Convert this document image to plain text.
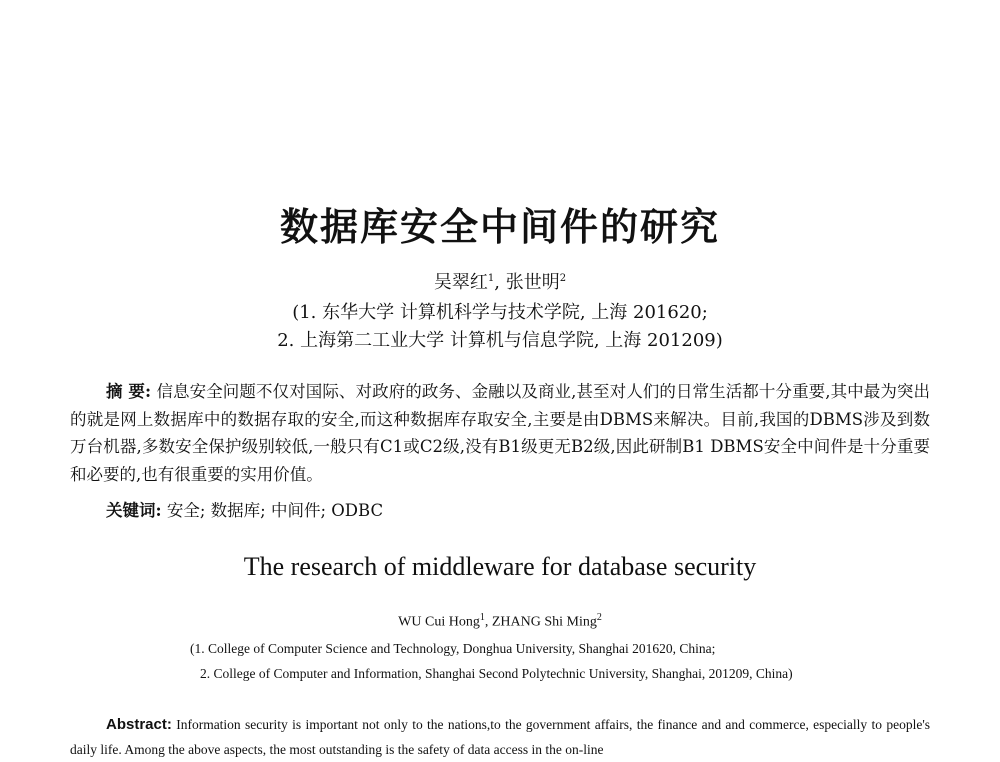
数据库安全中间件的研究
吴翠红$^1$, 张世明$^2$
(1. 东华大学 计算机科学与技术学院, 上海 201620;
2. 上海第二工业大学 计算机与信息学院, 上海 201209)
摘 要: 信息安全问题不仅对国际、对政府的政务、金融以及商业,甚至对人们的日常生活都十分重要,其中最为突出的就是网上数据库中的数据存取的安全,而这种数据库存取安全,主要是由DBMS来解决。目前,我国的DBMS涉及到数万台机器,多数安全保护级别较低,一般只有C1或C2级,没有B1级更无B2级,因此研制B1 DBMS安全中间件是十分重要和必要的,也有很重要的实用价值。
关键词: 安全; 数据库; 中间件; ODBC
The research of middleware for database security
WU Cui Hong$^1$, ZHANG Shi Ming$^2$
(1. College of Computer Science and Technology, Donghua University, Shanghai 201620, China;
2. College of Computer and Information, Shanghai Second Polytechnic University, Shanghai, 201209, China)
Abstract: Information security is important not only to the nations,to the government affairs, the finance and and commerce, especially to people's daily life. Among the above aspects, the most outstanding is the safety of data access in the on-line
